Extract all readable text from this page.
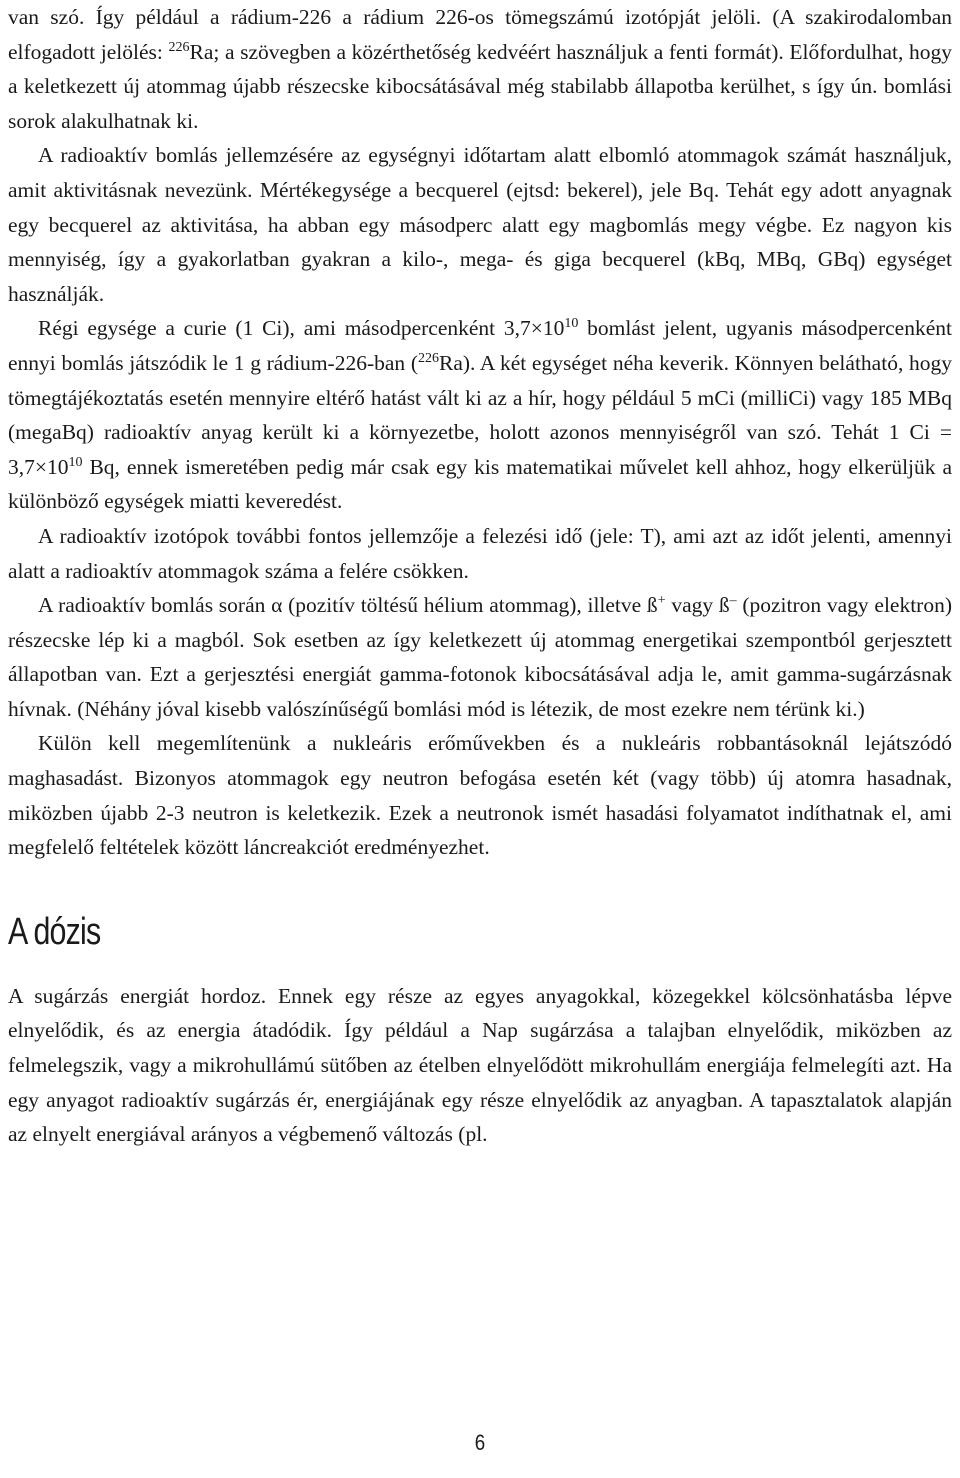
van szó. Így például a rádium-226 a rádium 226-os tömegszámú izotópját jelöli. (A szakirodalomban elfogadott jelölés: $^{226}$Ra; a szövegben a közérthetőség kedvéért használjuk a fenti formát). Előfordulhat, hogy a keletkezett új atommag újabb részecske kibocsátásával még stabilabb állapotba kerülhet, s így ún. bomlási sorok alakulhatnak ki.

A radioaktív bomlás jellemzésére az egységnyi időtartam alatt elbomló atommagok számát használjuk, amit aktivitásnak nevezünk. Mértékegysége a becquerel (ejtsd: bekerel), jele Bq. Tehát egy adott anyagnak egy becquerel az aktivitása, ha abban egy másodperc alatt egy magbomlás megy végbe. Ez nagyon kis mennyiség, így a gyakorlatban gyakran a kilo-, mega- és giga becquerel (kBq, MBq, GBq) egységet használják.

Régi egysége a curie (1 Ci), ami másodpercenként $3,7\times 10^{10}$ bomlást jelent, ugyanis másodpercenként ennyi bomlás játszódik le 1 g rádium-226-ban ($^{226}$Ra). A két egységet néha keverik. Könnyen belátható, hogy tömegtájékoztatás esetén mennyire eltérő hatást vált ki az a hír, hogy például 5 mCi (milliCi) vagy 185 MBq (megaBq) radioaktív anyag került ki a környezetbe, holott azonos mennyiségről van szó. Tehát 1 $Ci = 3,7\times 10^{10}$ Bq, ennek ismeretében pedig már csak egy kis matematikai művelet kell ahhoz, hogy elkerüljük a különböző egységek miatti keveredést.

A radioaktív izotópok további fontos jellemzője a felezési idő (jele: T), ami azt az időt jelenti, amennyi alatt a radioaktív atommagok száma a felére csökken.

A radioaktív bomlás során α (pozitív töltésű hélium atommag), illetve ß+ vagy ß– (pozitron vagy elektron) részecske lép ki a magból. Sok esetben az így keletkezett új atommag energetikai szempontból gerjesztett állapotban van. Ezt a gerjesztési energiát gamma-fotonok kibocsátásával adja le, amit gamma-sugárzásnak hívnak. (Néhány jóval kisebb valószínűségű bomlási mód is létezik, de most ezekre nem térünk ki.)

Külön kell megemlítenünk a nukleáris erőművekben és a nukleáris robbantásoknál lejátszódó maghasadást. Bizonyos atommagok egy neutron befogása esetén két (vagy több) új atomra hasadnak, miközben újabb 2-3 neutron is keletkezik. Ezek a neutronok ismét hasadási folyamatot indíthatnak el, ami megfelelő feltételek között láncreakciót eredményezhet.

A dózis

A sugárzás energiát hordoz. Ennek egy része az egyes anyagokkal, közegekkel kölcsönhatásba lépve elnyelődik, és az energia átadódik. Így például a Nap sugárzása a talajban elnyelődik, miközben az felmelegszik, vagy a mikrohullámú sütőben az ételben elnyelődött mikrohullám energiája felmelegíti azt. Ha egy anyagot radioaktív sugárzás ér, energiájának egy része elnyelődik az anyagban. A tapasztalatok alapján az elnyelt energiával arányos a végbemenő változás (pl.

6
